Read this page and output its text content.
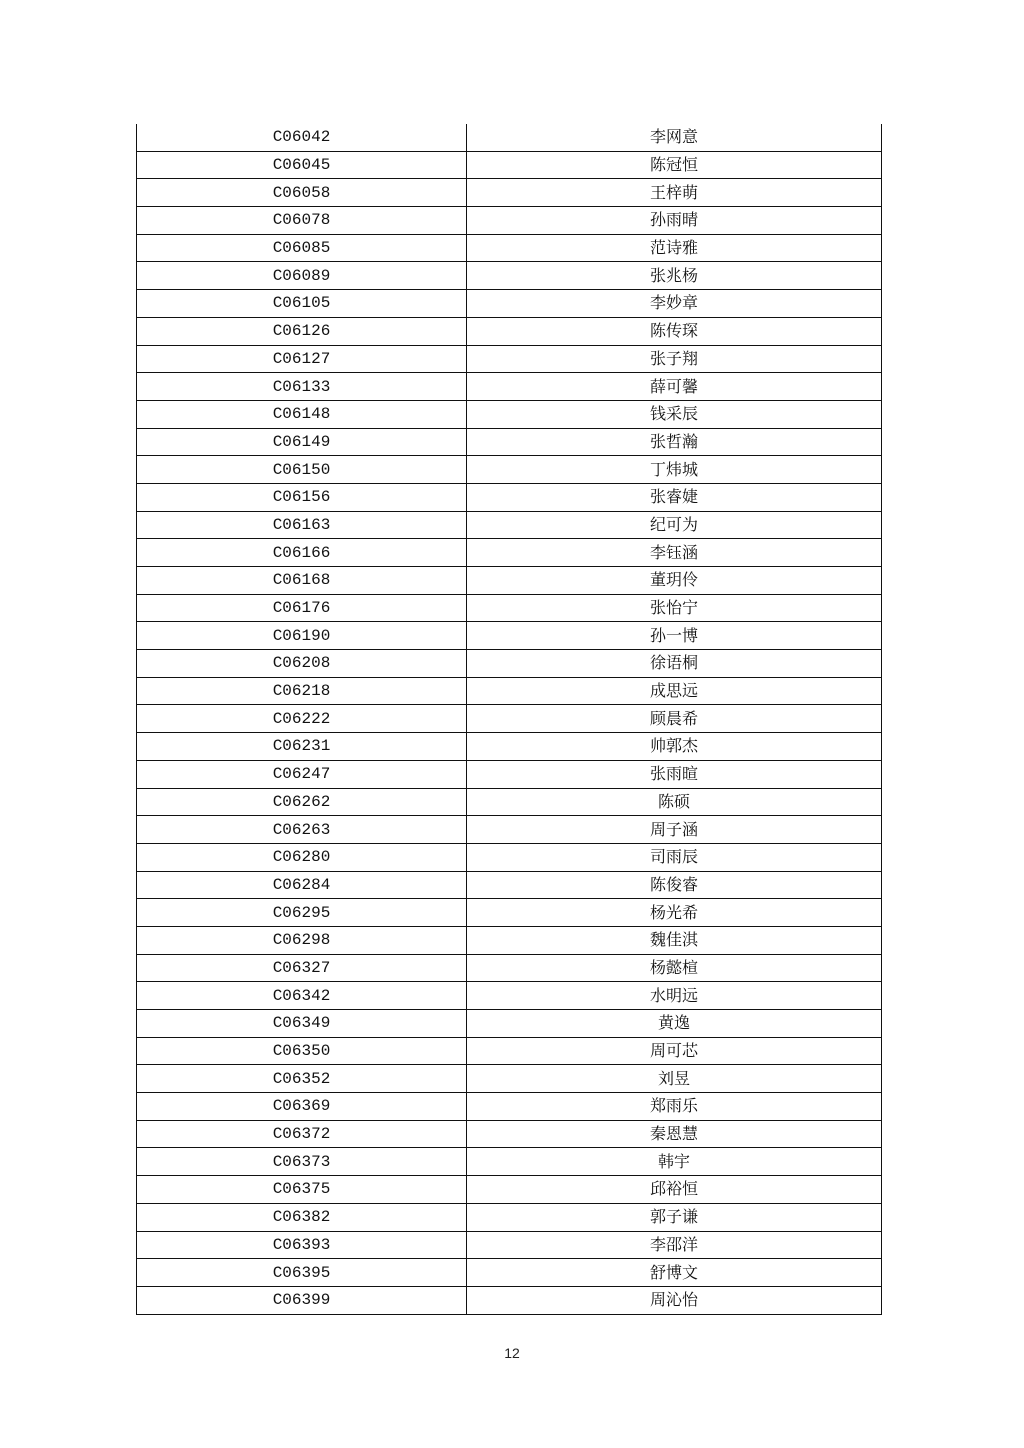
C06042	李网意
C06045	陈冠恒
C06058	王梓萌
C06078	孙雨晴
C06085	范诗雅
C06089	张兆杨
C06105	李妙章
C06126	陈传琛
C06127	张子翔
C06133	薛可馨
C06148	钱采辰
C06149	张哲瀚
C06150	丁炜城
C06156	张睿婕
C06163	纪可为
C06166	李钰涵
C06168	董玥伶
C06176	张怡宁
C06190	孙一博
C06208	徐语桐
C06218	成思远
C06222	顾晨希
C06231	帅郭杰
C06247	张雨暄
C06262	陈硕
C06263	周子涵
C06280	司雨辰
C06284	陈俊睿
C06295	杨光希
C06298	魏佳淇
C06327	杨懿楦
C06342	水明远
C06349	黄逸
C06350	周可芯
C06352	刘昱
C06369	郑雨乐
C06372	秦恩慧
C06373	韩宇
C06375	邱裕恒
C06382	郭子谦
C06393	李邵洋
C06395	舒博文
C06399	周沁怡
12
